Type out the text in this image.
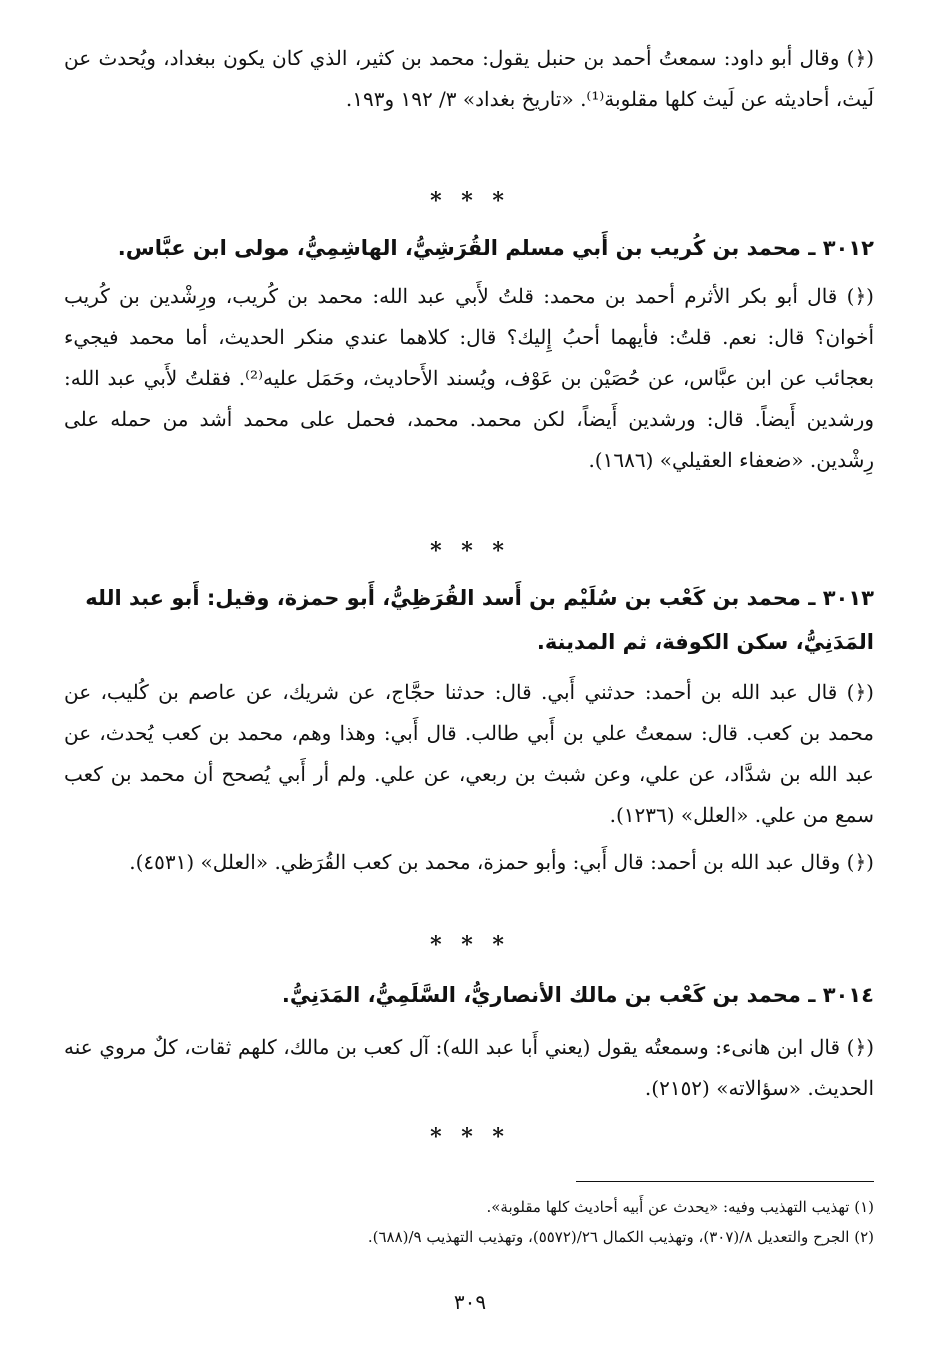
(﴿) وقال أبو داود: سمعتُ أحمد بن حنبل يقول: محمد بن كثير، الذي كان يكون ببغداد، ويُحدث عن لَيث، أحاديثه عن لَيث كلها مقلوبة⁽¹⁾. «تاريخ بغداد» ٣/ ١٩٢ و١٩٣.

* * *

٣٠١٢ ـ محمد بن كُريب بن أَبي مسلم القُرَشِيُّ، الهاشِمِيُّ، مولى ابن عبَّاس.

(﴿) قال أبو بكر الأثرم أحمد بن محمد: قلتُ لأَبي عبد الله: محمد بن كُريب، ورِشْدين بن كُريب أخوان؟ قال: نعم. قلتُ: فأيهما أحبُ إِليك؟ قال: كلاهما عندي منكر الحديث، أما محمد فيجيء بعجائب عن ابن عبَّاس، عن حُصَيْن بن عَوْف، ويُسند الأَحاديث، وحَمَل عليه⁽²⁾. فقلتُ لأَبي عبد الله: ورشدين أَيضاً. قال: ورشدين أَيضاً، لكن محمد. محمد، فحمل على محمد أشد من حمله على رِشْدين. «ضعفاء العقيلي» (١٦٨٦).

* * *

٣٠١٣ ـ محمد بن كَعْب بن سُلَيْم بن أَسد القُرَظِيُّ، أَبو حمزة، وقيل: أَبو عبد الله المَدَنِيُّ، سكن الكوفة، ثم المدينة.

(﴿) قال عبد الله بن أحمد: حدثني أَبي. قال: حدثنا حجَّاج، عن شريك، عن عاصم بن كُليب، عن محمد بن كعب. قال: سمعتُ علي بن أَبي طالب. قال أَبي: وهذا وهم، محمد بن كعب يُحدث، عن عبد الله بن شدَّاد، عن علي، وعن شبث بن ربعي، عن علي. ولم أر أَبي يُصحح أن محمد بن كعب سمع من علي. «العلل» (١٢٣٦).

(﴿) وقال عبد الله بن أحمد: قال أَبي: وأبو حمزة، محمد بن كعب القُرَظي. «العلل» (٤٥٣١).

* * *

٣٠١٤ ـ محمد بن كَعْب بن مالك الأنصاريُّ، السَّلَمِيُّ، المَدَنِيُّ.

(﴿) قال ابن هانىء: وسمعتُه يقول (يعني أَبا عبد الله): آل كعب بن مالك، كلهم ثقات، كلٌ مروي عنه الحديث. «سؤالاته» (٢١٥٢).

* * *

(١) تهذيب التهذيب وفيه: «يحدث عن أَبيه أحاديث كلها مقلوبة».

(٢) الجرح والتعديل ٨/(٣٠٧)، وتهذيب الكمال ٢٦/(٥٥٧٢)، وتهذيب التهذيب ٩/(٦٨٨).

٣٠٩
